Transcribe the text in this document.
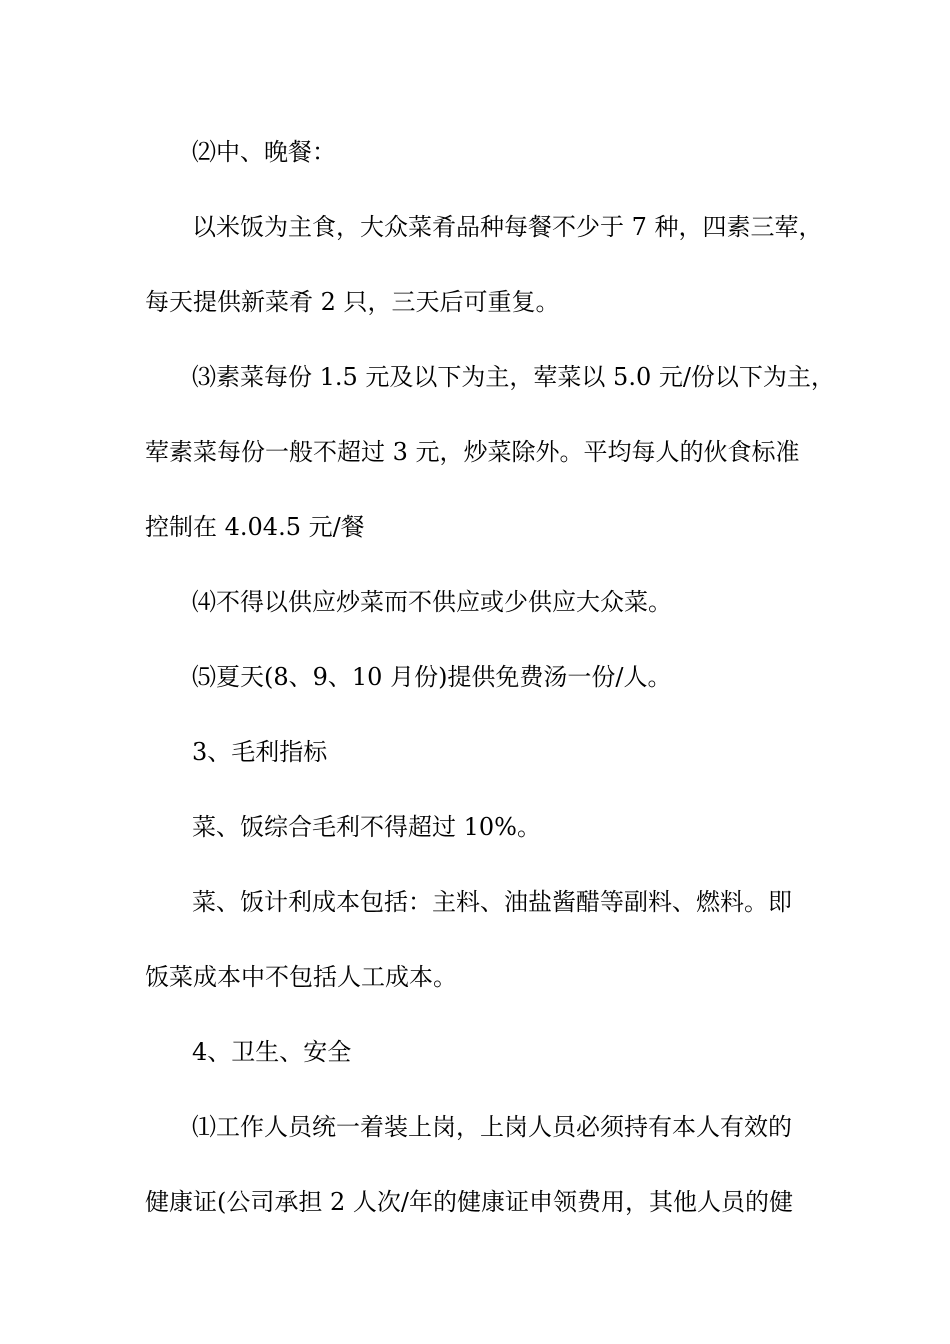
⑵中、晚餐：
以米饭为主食，大众菜肴品种每餐不少于 7 种，四素三荤，
每天提供新菜肴 2 只，三天后可重复。
⑶素菜每份 1.5 元及以下为主，荤菜以 5.0 元/份以下为主，
荤素菜每份一般不超过 3 元，炒菜除外。平均每人的伙食标准
控制在 4.04.5 元/餐
⑷不得以供应炒菜而不供应或少供应大众菜。
⑸夏天(8、9、10 月份)提供免费汤一份/人。
3、毛利指标
菜、饭综合毛利不得超过 10%。
菜、饭计利成本包括：主料、油盐酱醋等副料、燃料。即
饭菜成本中不包括人工成本。
4、卫生、安全
⑴工作人员统一着装上岗，上岗人员必须持有本人有效的
健康证(公司承担 2 人次/年的健康证申领费用，其他人员的健
